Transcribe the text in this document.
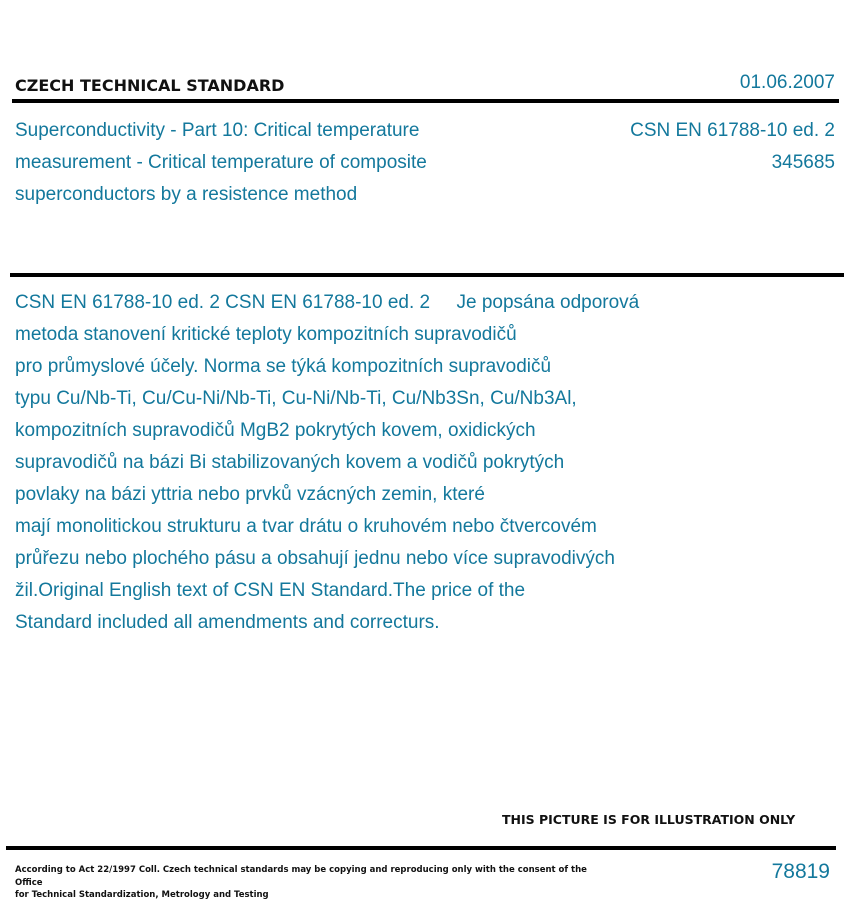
CZECH TECHNICAL STANDARD	01.06.2007
Superconductivity - Part 10: Critical temperature
measurement - Critical temperature of composite
superconductors by a resistence method
CSN EN 61788-10 ed. 2
345685
CSN EN 61788-10 ed. 2 CSN EN 61788-10 ed. 2     Je popsána odporová
metoda stanovení kritické teploty kompozitních supravodičů
pro průmyslové účely. Norma se týká kompozitních supravodičů
typu Cu/Nb-Ti, Cu/Cu-Ni/Nb-Ti, Cu-Ni/Nb-Ti, Cu/Nb3Sn, Cu/Nb3Al,
kompozitních supravodičů MgB2 pokrytých kovem, oxidických
supravodičů na bázi Bi stabilizovaných kovem a vodičů pokrytých
povlaky na bázi yttria nebo prvků vzácných zemin, které
mají monolitickou strukturu a tvar drátu o kruhovém nebo čtvercovém
průřezu nebo plochého pásu a obsahují jednu nebo více supravodivých
žil.Original English text of CSN EN Standard.The price of the
Standard included all amendments and correcturs.
THIS PICTURE IS FOR ILLUSTRATION ONLY
According to Act 22/1997 Coll. Czech technical standards may be copying and reproducing only with the consent of the Office
for Technical Standardization, Metrology and Testing
78819
